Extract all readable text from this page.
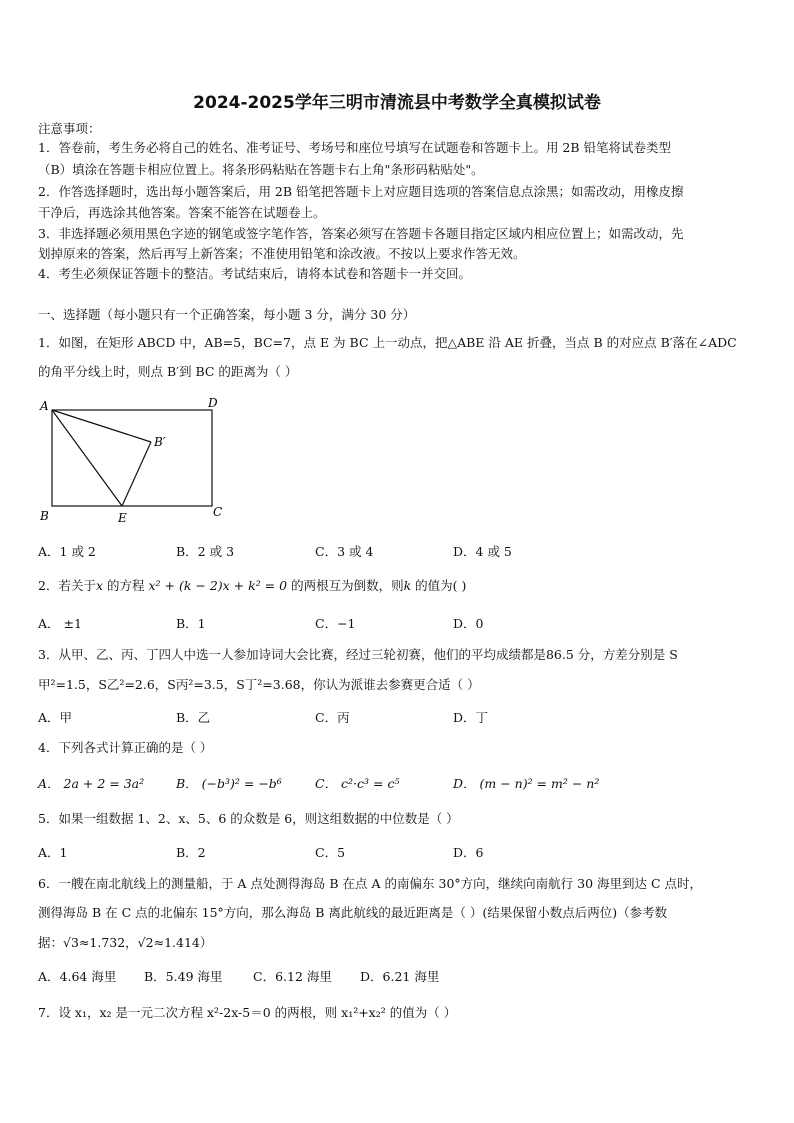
2024-2025学年三明市清流县中考数学全真模拟试卷
注意事项：
1．答卷前，考生务必将自己的姓名、准考证号、考场号和座位号填写在试题卷和答题卡上。用 2B 铅笔将试卷类型
（B）填涂在答题卡相应位置上。将条形码粘贴在答题卡右上角"条形码粘贴处"。
2．作答选择题时，选出每小题答案后，用 2B 铅笔把答题卡上对应题目选项的答案信息点涂黑；如需改动，用橡皮擦
干净后，再选涂其他答案。答案不能答在试题卷上。
3．非选择题必须用黑色字迹的钢笔或签字笔作答，答案必须写在答题卡各题目指定区域内相应位置上；如需改动，先
划掉原来的答案，然后再写上新答案；不准使用铅笔和涂改液。不按以上要求作答无效。
4．考生必须保证答题卡的整洁。考试结束后，请将本试卷和答题卡一并交回。
一、选择题（每小题只有一个正确答案，每小题 3 分，满分 30 分）
1．如图，在矩形 ABCD 中，AB=5，BC=7，点 E 为 BC 上一动点，把△ABE 沿 AE 折叠，当点 B 的对应点 B′落在∠ADC
的角平分线上时，则点 B′到 BC 的距离为（ ）
A	D
B′
B	E	C
A．1 或 2	B．2 或 3	C．3 或 4	D．4 或 5
2．若关于x 的方程 x² + (k − 2)x + k² = 0 的两根互为倒数，则k 的值为( )
A． ±1	B．1	C．−1	D．0
3．从甲、乙、丙、丁四人中选一人参加诗词大会比赛，经过三轮初赛，他们的平均成绩都是86.5 分，方差分别是 S
甲²=1.5，S乙²=2.6，S丙²=3.5，S丁²=3.68，你认为派谁去参赛更合适（ ）
A．甲	B．乙	C．丙	D．丁
4．下列各式计算正确的是（ ）
A． 2a + 2 = 3a²	B． (−b³)² = −b⁶	C． c²·c³ = c⁵	D． (m − n)² = m² − n²
5．如果一组数据 1、2、x、5、6 的众数是 6，则这组数据的中位数是（ ）
A．1	B．2	C．5	D．6
6．一艘在南北航线上的测量船，于 A 点处测得海岛 B 在点 A 的南偏东 30°方向，继续向南航行 30 海里到达 C 点时，
测得海岛 B 在 C 点的北偏东 15°方向，那么海岛 B 离此航线的最近距离是（ ）(结果保留小数点后两位)（参考数
据：√3≈1.732，√2≈1.414）
A．4.64 海里 B．5.49 海里 C．6.12 海里 D．6.21 海里
7．设 x₁，x₂ 是一元二次方程 x²-2x-5＝0 的两根，则 x₁²+x₂² 的值为（ ）
